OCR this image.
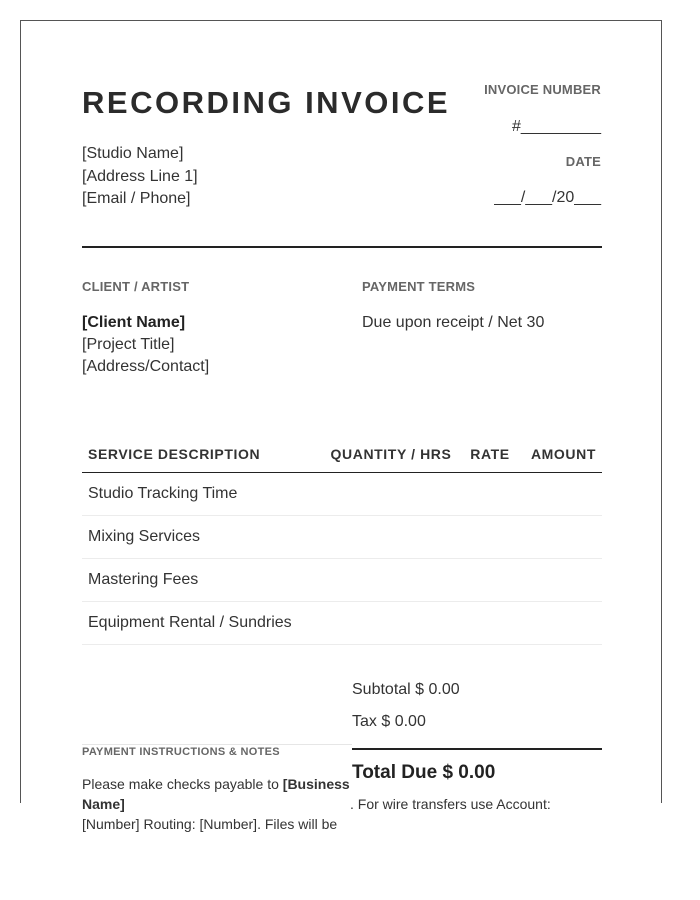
RECORDING INVOICE
[Studio Name]
[Address Line 1]
[Email / Phone]
INVOICE NUMBER
#_________
DATE
___/___/20___
CLIENT / ARTIST	PAYMENT TERMS
[Client Name]
[Project Title]
[Address/Contact]
Due upon receipt / Net 30
SERVICE DESCRIPTION	QUANTITY / HRS	RATE	AMOUNT
Studio Tracking Time			
Mixing Services			
Mastering Fees			
Equipment Rental / Sundries			
Subtotal $ 0.00
Tax $ 0.00
Total Due $ 0.00
PAYMENT INSTRUCTIONS & NOTES
Please make checks payable to [Business Name]	. For wire transfers use Account: [Number] Routing: [Number]. Files will be
